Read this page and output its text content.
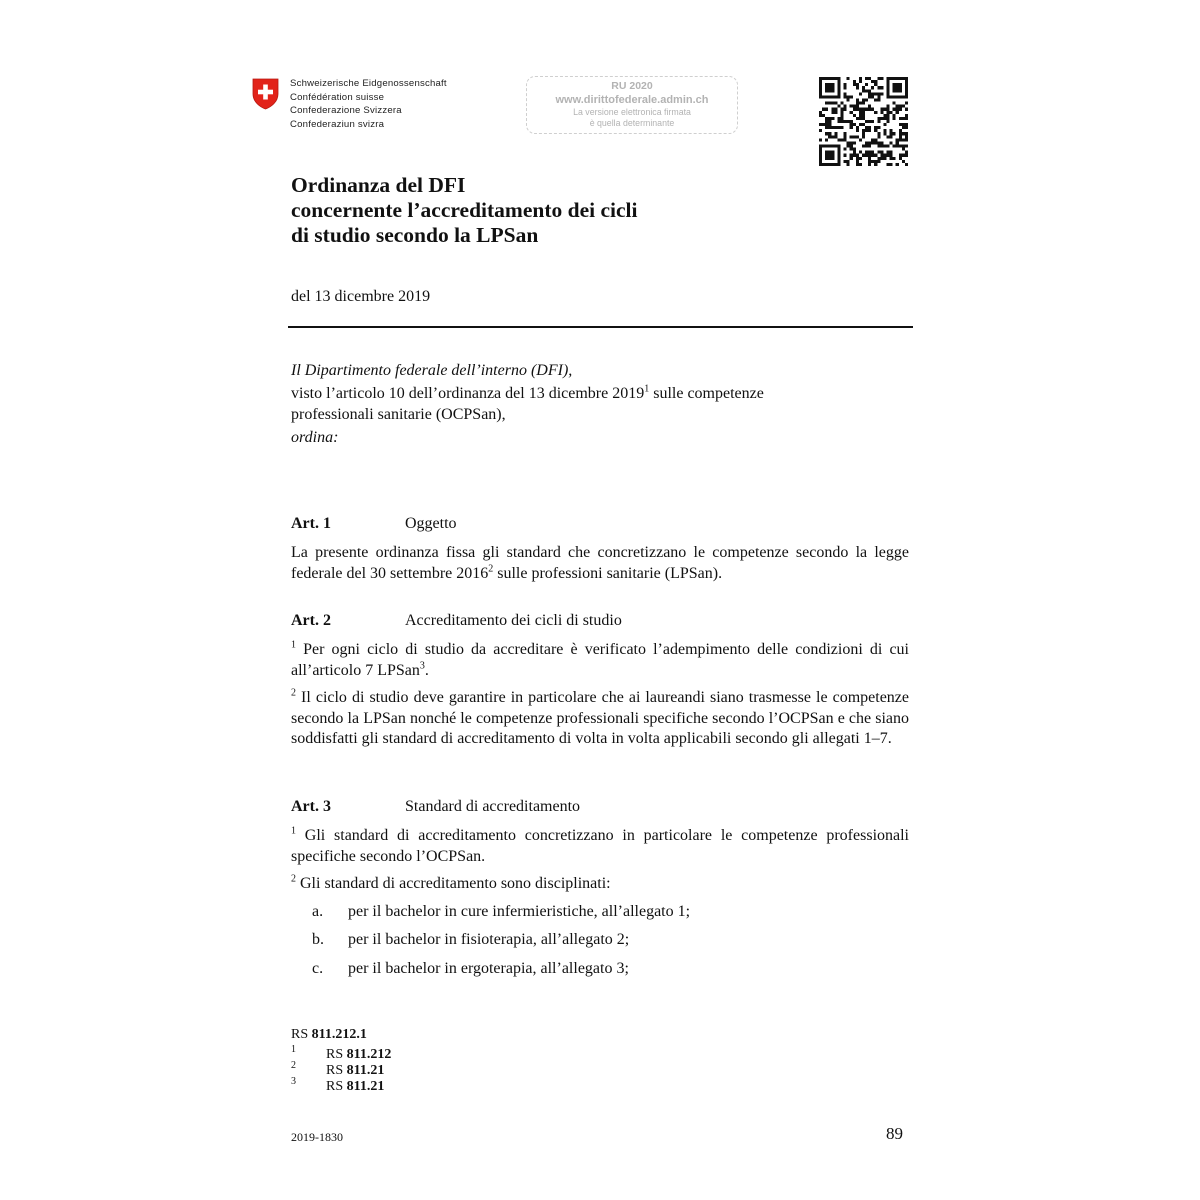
Schweizerische Eidgenossenschaft
Confédération suisse
Confederazione Svizzera
Confederaziun svizra
RU 2020
www.dirittofederale.admin.ch
La versione elettronica firmata
è quella determinante
Ordinanza del DFI
concernente l’accreditamento dei cicli
di studio secondo la LPSan
del 13 dicembre 2019

Il Dipartimento federale dell’interno (DFI),

visto l’articolo 10 dell’ordinanza del 13 dicembre 2019$^1$ sulle competenze

professionali sanitarie (OCPSan),

ordina:

Art. 1	Oggetto

La presente ordinanza fissa gli standard che concretizzano le competenze secondo la legge federale del 30 settembre 2016$^2$ sulle professioni sanitarie (LPSan).

Art. 2	Accreditamento dei cicli di studio

$^1$ Per ogni ciclo di studio da accreditare è verificato l’adempimento delle condizioni di cui all’articolo 7 LPSan$^3$.

$^2$ Il ciclo di studio deve garantire in particolare che ai laureandi siano trasmesse le competenze secondo la LPSan nonché le competenze professionali specifiche secondo l’OCPSan e che siano soddisfatti gli standard di accreditamento di volta in volta applicabili secondo gli allegati 1–7.

Art. 3	Standard di accreditamento

$^1$ Gli standard di accreditamento concretizzano in particolare le competenze professionali specifiche secondo l’OCPSan.

$^2$ Gli standard di accreditamento sono disciplinati:

a. per il bachelor in cure infermieristiche, all’allegato 1;
b. per il bachelor in fisioterapia, all’allegato 2;
c. per il bachelor in ergoterapia, all’allegato 3;
RS 811.212.1
1 RS 811.212
2 RS 811.21
3 RS 811.21
2019-1830	89
